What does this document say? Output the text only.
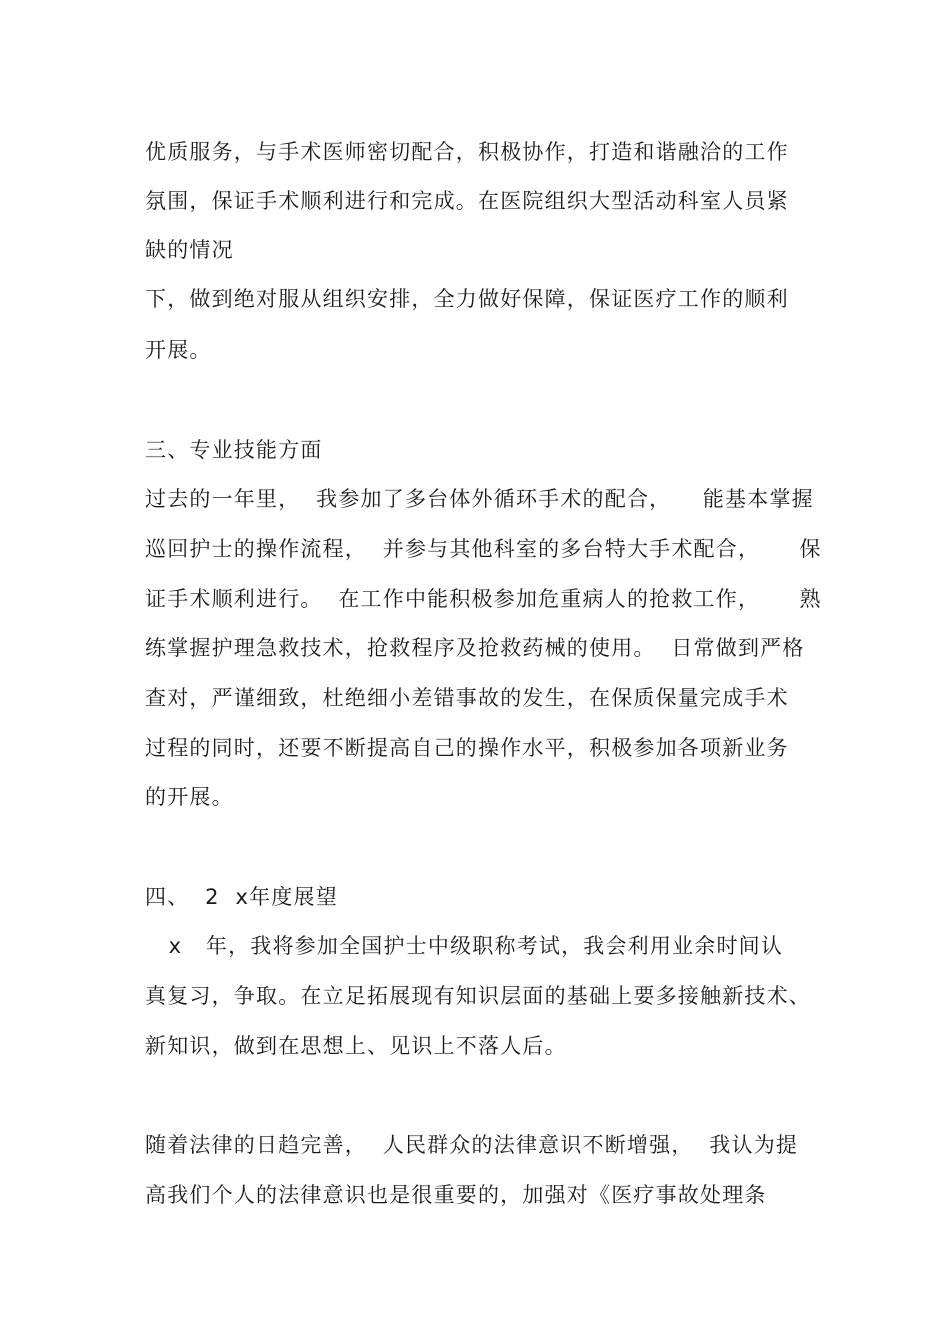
优质服务，与手术医师密切配合，积极协作，打造和谐融洽的工作
氛围，保证手术顺利进行和完成。在医院组织大型活动科室人员紧
缺的情况
下，做到绝对服从组织安排，全力做好保障，保证医疗工作的顺利
开展。
三、专业技能方面
过去的一年里，  我参加了多台体外循环手术的配合，    能基本掌握
巡回护士的操作流程，  并参与其他科室的多台特大手术配合，     保
证手术顺利进行。  在工作中能积极参加危重病人的抢救工作，     熟
练掌握护理急救技术，抢救程序及抢救药械的使用。  日常做到严格
查对，严谨细致，杜绝细小差错事故的发生，在保质保量完成手术
过程的同时，还要不断提高自己的操作水平，积极参加各项新业务
的开展。
四、  2  x年度展望
x   年，我将参加全国护士中级职称考试，我会利用业余时间认
真复习，争取。在立足拓展现有知识层面的基础上要多接触新技术、
新知识，做到在思想上、见识上不落人后。
随着法律的日趋完善，  人民群众的法律意识不断增强，  我认为提
高我们个人的法律意识也是很重要的，加强对《医疗事故处理条
